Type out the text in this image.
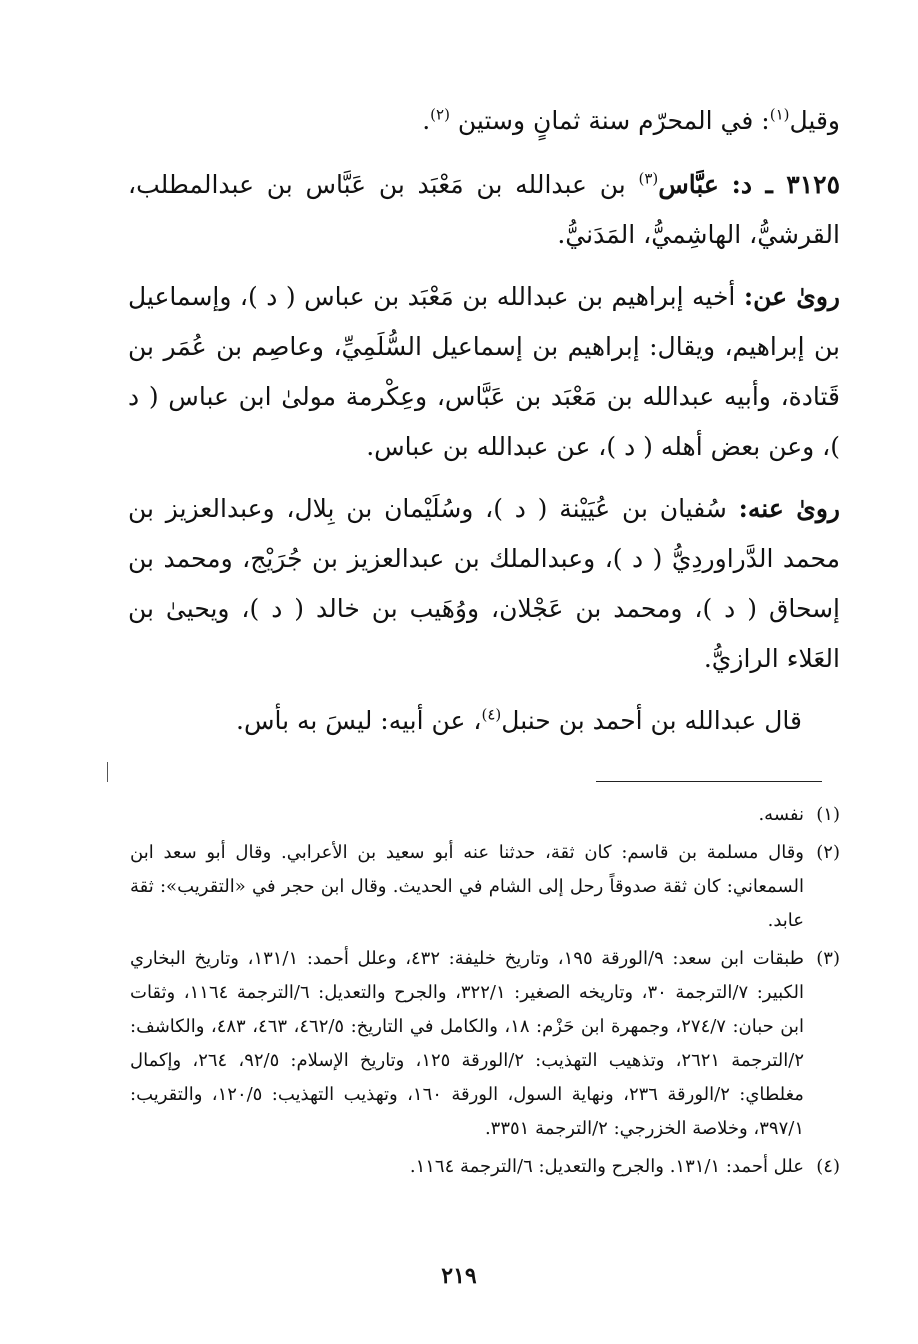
وقيل$^{(١)}$: في المحرّم سنة ثمانٍ وستين $^{(٢)}$.

٣١٢٥ ـ د: عبَّاس$^{(٣)}$ بن عبدالله بن مَعْبَد بن عَبَّاس بن عبدالمطلب، القرشيُّ، الهاشِميُّ، المَدَنيُّ.

روىٰ عن: أخيه إبراهيم بن عبدالله بن مَعْبَد بن عباس ( د )، وإسماعيل بن إبراهيم، ويقال: إبراهيم بن إسماعيل السُّلَمِيِّ، وعاصِم بن عُمَر بن قَتادة، وأبيه عبدالله بن مَعْبَد بن عَبَّاس، وعِكْرمة مولىٰ ابن عباس ( د )، وعن بعض أهله ( د )، عن عبدالله بن عباس.

روىٰ عنه: سُفيان بن عُيَيْنة ( د )، وسُلَيْمان بن بِلال، وعبدالعزيز بن محمد الدَّراوردِيُّ ( د )، وعبدالملك بن عبدالعزيز بن جُرَيْج، ومحمد بن إسحاق ( د )، ومحمد بن عَجْلان، ووُهَيب بن خالد ( د )، ويحيىٰ بن العَلاء الرازيُّ.

قال عبدالله بن أحمد بن حنبل$^{(٤)}$، عن أبيه: ليسَ به بأس.

(١)
نفسه.

(٢)
وقال مسلمة بن قاسم: كان ثقة، حدثنا عنه أبو سعيد بن الأعرابي. وقال أبو سعد ابن السمعاني: كان ثقة صدوقاً رحل إلى الشام في الحديث. وقال ابن حجر في «التقريب»: ثقة عابد.

(٣)
طبقات ابن سعد: ٩/الورقة ١٩٥، وتاريخ خليفة: ٤٣٢، وعلل أحمد: ١٣١/١، وتاريخ البخاري الكبير: ٧/الترجمة ٣٠، وتاريخه الصغير: ٣٢٢/١، والجرح والتعديل: ٦/الترجمة ١١٦٤، وثقات ابن حبان: ٢٧٤/٧، وجمهرة ابن حَزْم: ١٨، والكامل في التاريخ: ٤٦٢/٥، ٤٦٣، ٤٨٣، والكاشف: ٢/الترجمة ٢٦٢١، وتذهيب التهذيب: ٢/الورقة ١٢٥، وتاريخ الإسلام: ٩٢/٥، ٢٦٤، وإكمال مغلطاي: ٢/الورقة ٢٣٦، ونهاية السول، الورقة ١٦٠، وتهذيب التهذيب: ١٢٠/٥، والتقريب: ٣٩٧/١، وخلاصة الخزرجي: ٢/الترجمة ٣٣٥١.

(٤)
علل أحمد: ١٣١/١. والجرح والتعديل: ٦/الترجمة ١١٦٤.

٢١٩
